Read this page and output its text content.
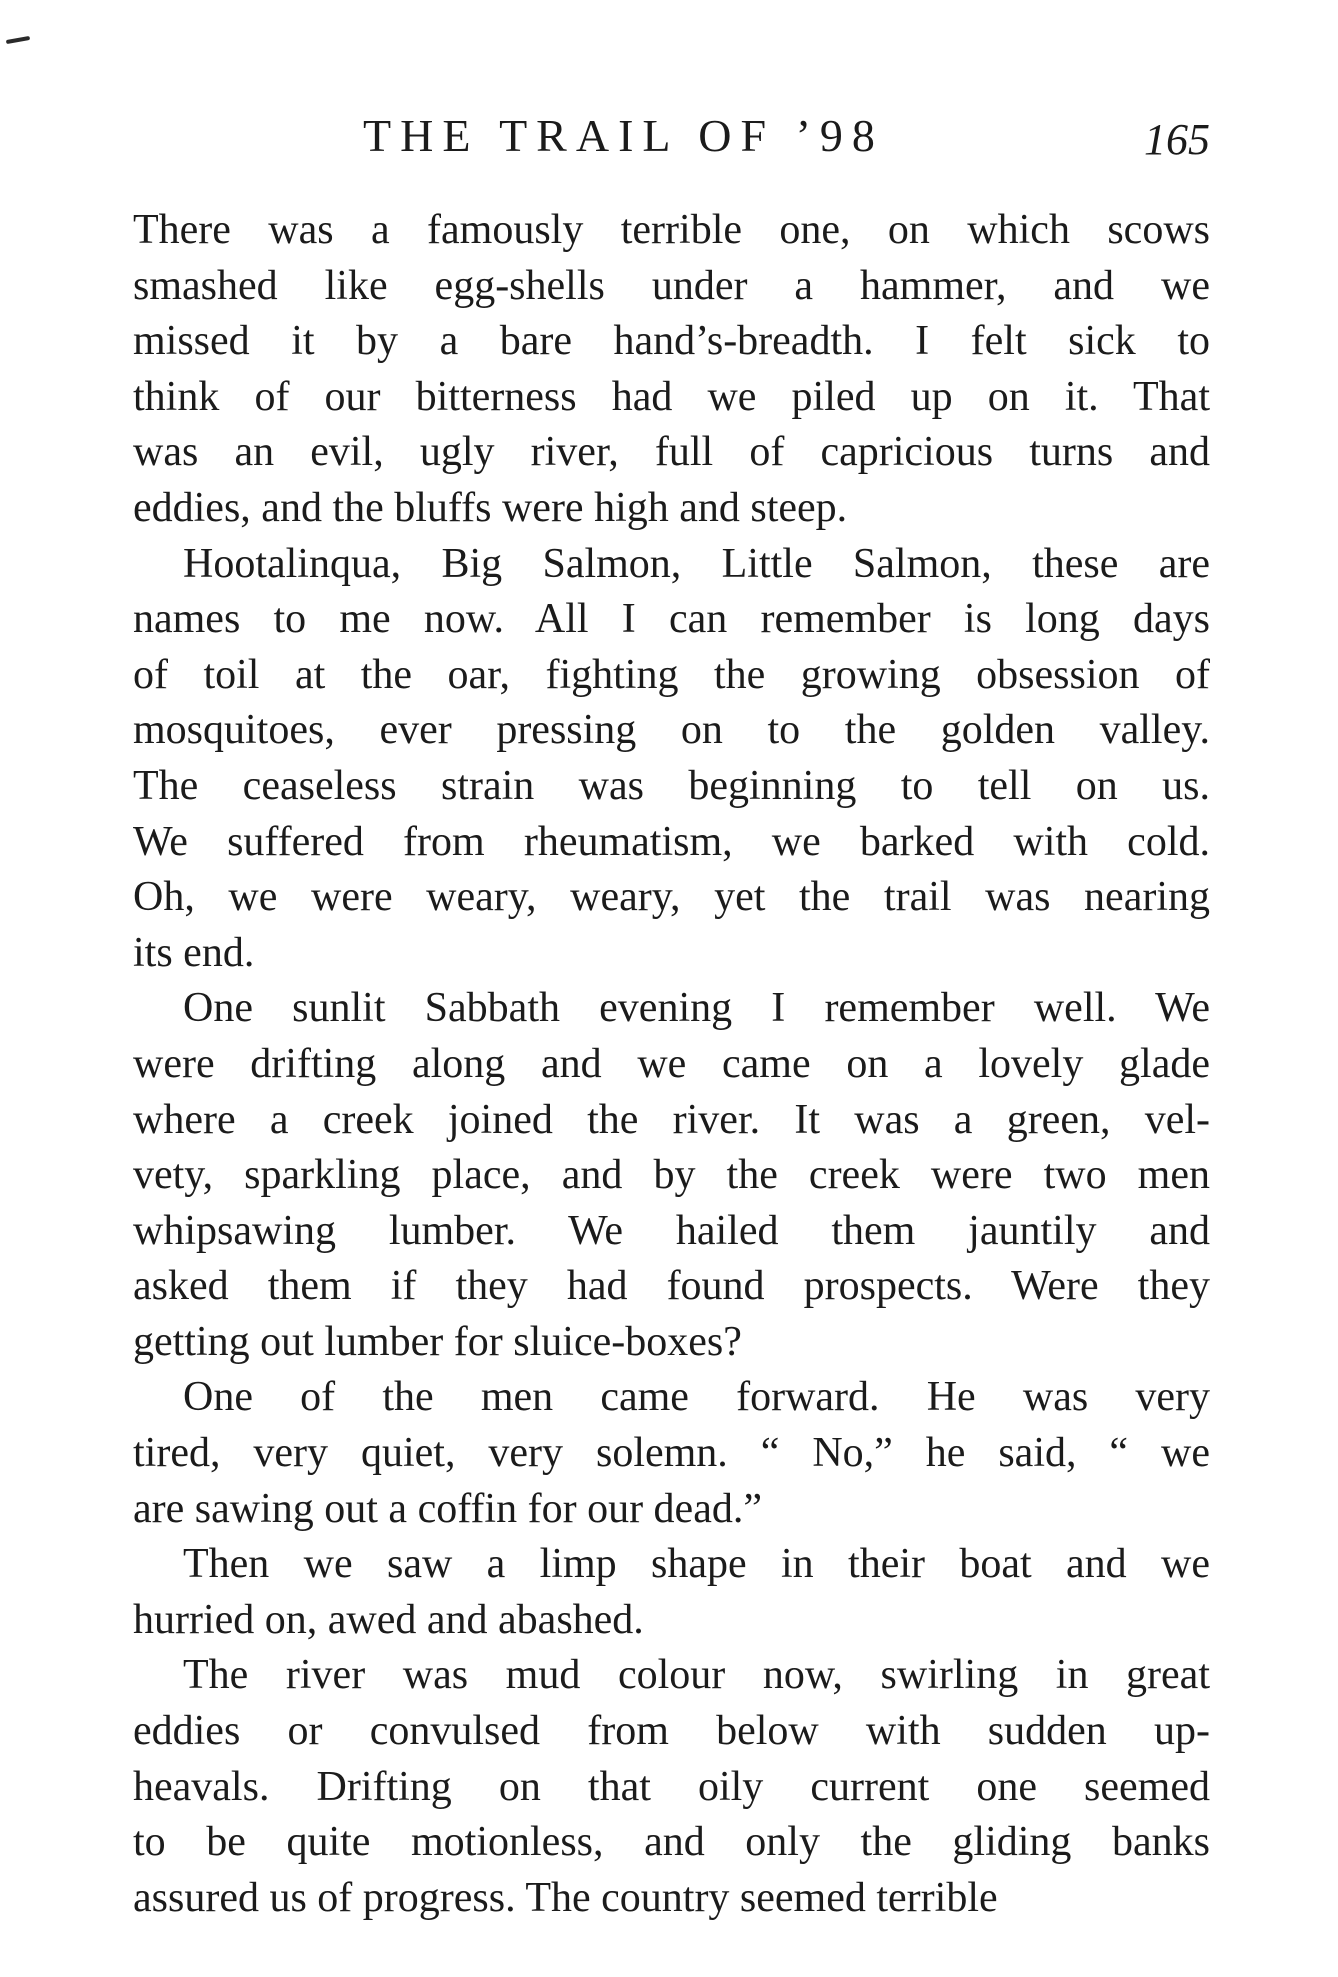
THE TRAIL OF ’98	165
There was a famously terrible one, on which scows
smashed like egg-shells under a hammer, and we
missed it by a bare hand’s-breadth. I felt sick to
think of our bitterness had we piled up on it. That
was an evil, ugly river, full of capricious turns and
eddies, and the bluffs were high and steep.
Hootalinqua, Big Salmon, Little Salmon, these are
names to me now. All I can remember is long days
of toil at the oar, fighting the growing obsession of
mosquitoes, ever pressing on to the golden valley.
The ceaseless strain was beginning to tell on us.
We suffered from rheumatism, we barked with cold.
Oh, we were weary, weary, yet the trail was nearing
its end.
One sunlit Sabbath evening I remember well. We
were drifting along and we came on a lovely glade
where a creek joined the river. It was a green, vel-
vety, sparkling place, and by the creek were two men
whipsawing lumber. We hailed them jauntily and
asked them if they had found prospects. Were they
getting out lumber for sluice-boxes?
One of the men came forward. He was very
tired, very quiet, very solemn. “ No,” he said, “ we
are sawing out a coffin for our dead.”
Then we saw a limp shape in their boat and we
hurried on, awed and abashed.
The river was mud colour now, swirling in great
eddies or convulsed from below with sudden up-
heavals. Drifting on that oily current one seemed
to be quite motionless, and only the gliding banks
assured us of progress. The country seemed terrible
